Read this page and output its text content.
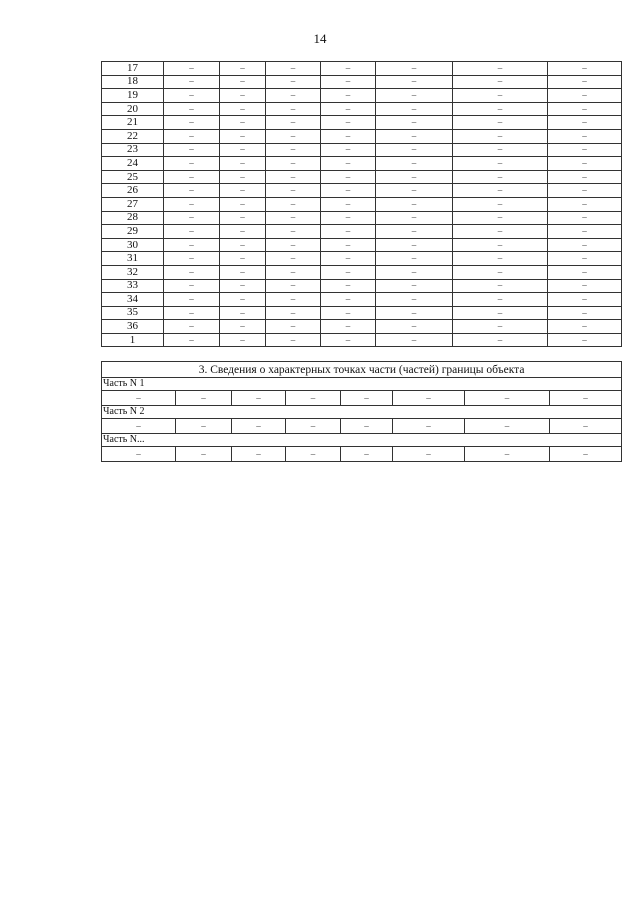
14
17	–	–	–	–	–	–	–
18	–	–	–	–	–	–	–
19	–	–	–	–	–	–	–
20	–	–	–	–	–	–	–
21	–	–	–	–	–	–	–
22	–	–	–	–	–	–	–
23	–	–	–	–	–	–	–
24	–	–	–	–	–	–	–
25	–	–	–	–	–	–	–
26	–	–	–	–	–	–	–
27	–	–	–	–	–	–	–
28	–	–	–	–	–	–	–
29	–	–	–	–	–	–	–
30	–	–	–	–	–	–	–
31	–	–	–	–	–	–	–
32	–	–	–	–	–	–	–
33	–	–	–	–	–	–	–
34	–	–	–	–	–	–	–
35	–	–	–	–	–	–	–
36	–	–	–	–	–	–	–
1	–	–	–	–	–	–	–
3. Сведения о характерных точках части (частей) границы объекта							
Часть N 1							
–	–	–	–	–	–	–	–
Часть N 2							
–	–	–	–	–	–	–	–
Часть N...							
–	–	–	–	–	–	–	–
